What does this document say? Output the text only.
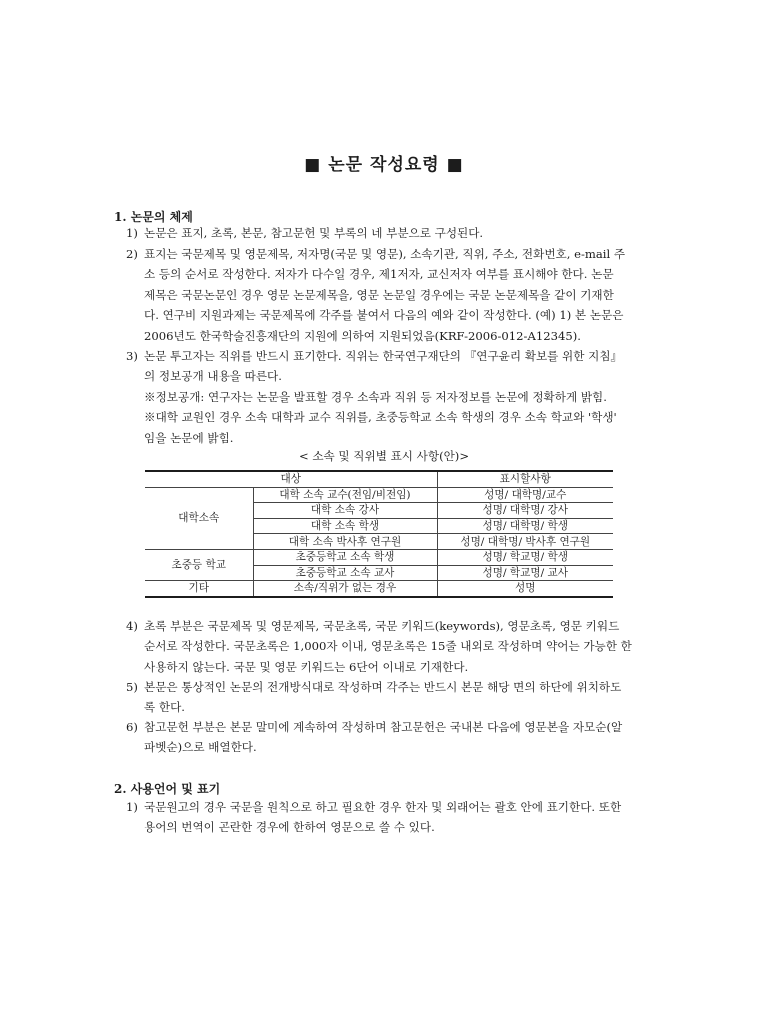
■ 논문 작성요령 ■
1. 논문의 체제
1) 논문은 표지, 초록, 본문, 참고문헌 및 부록의 네 부분으로 구성된다.
2) 표지는 국문제목 및 영문제목, 저자명(국문 및 영문), 소속기관, 직위, 주소, 전화번호, e-mail 주
소 등의 순서로 작성한다. 저자가 다수일 경우, 제1저자, 교신저자 여부를 표시해야 한다. 논문
제목은 국문논문인 경우 영문 논문제목을, 영문 논문일 경우에는 국문 논문제목을 같이 기재한
다. 연구비 지원과제는 국문제목에 각주를 붙여서 다음의 예와 같이 작성한다. (예) 1) 본 논문은
2006년도 한국학술진흥재단의 지원에 의하여 지원되었음(KRF-2006-012-A12345).
3) 논문 투고자는 직위를 반드시 표기한다. 직위는 한국연구재단의 『연구윤리 확보를 위한 지침』
의 정보공개 내용을 따른다.
※정보공개: 연구자는 논문을 발표할 경우 소속과 직위 등 저자정보를 논문에 정확하게 밝힘.
※대학 교원인 경우 소속 대학과 교수 직위를, 초중등학교 소속 학생의 경우 소속 학교와 '학생'
임을 논문에 밝힘.
< 소속 및 직위별 표시 사항(안)>
대상		표시할사항
대학소속	대학 소속 교수(전임/비전임)	성명/ 대학명/교수
	대학 소속 강사	성명/ 대학명/ 강사
	대학 소속 학생	성명/ 대학명/ 학생
	대학 소속 박사후 연구원	성명/ 대학명/ 박사후 연구원
초중등 학교	초중등학교 소속 학생	성명/ 학교명/ 학생
	초중등학교 소속 교사	성명/ 학교명/ 교사
기타	소속/직위가 없는 경우	성명
4) 초록 부분은 국문제목 및 영문제목, 국문초록, 국문 키워드(keywords), 영문초록, 영문 키워드
순서로 작성한다. 국문초록은 1,000자 이내, 영문초록은 15줄 내외로 작성하며 약어는 가능한 한
사용하지 않는다. 국문 및 영문 키워드는 6단어 이내로 기재한다.
5) 본문은 통상적인 논문의 전개방식대로 작성하며 각주는 반드시 본문 해당 면의 하단에 위치하도
록 한다.
6) 참고문헌 부분은 본문 말미에 계속하여 작성하며 참고문헌은 국내본 다음에 영문본을 자모순(알
파벳순)으로 배열한다.
2. 사용언어 및 표기
1) 국문원고의 경우 국문을 원칙으로 하고 필요한 경우 한자 및 외래어는 괄호 안에 표기한다. 또한
용어의 번역이 곤란한 경우에 한하여 영문으로 쓸 수 있다.
